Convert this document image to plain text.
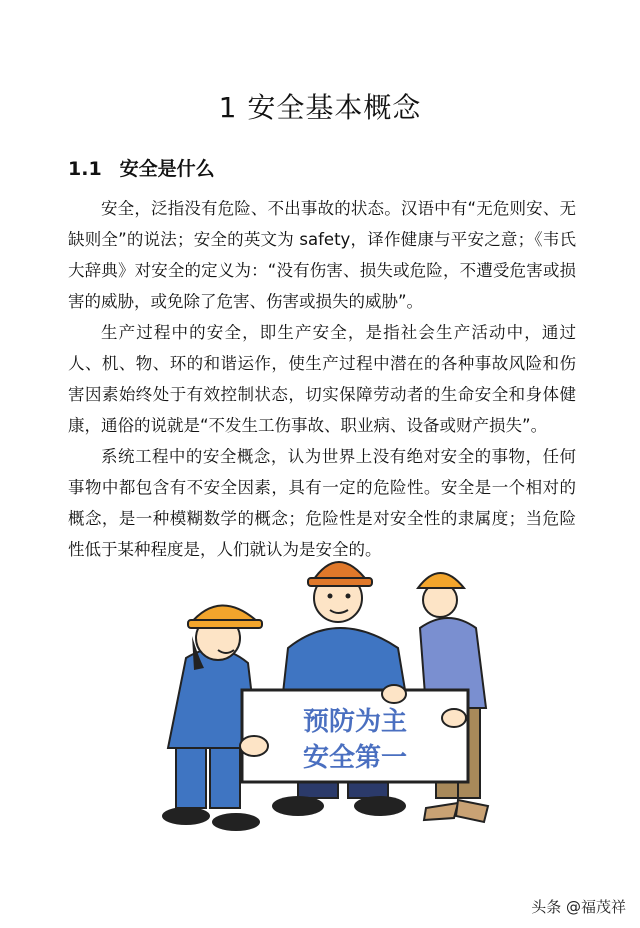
1 安全基本概念
1.1 安全是什么

安全，泛指没有危险、不出事故的状态。汉语中有“无危则安、无缺则全”的说法；安全的英文为 safety，译作健康与平安之意；《韦氏大辞典》对安全的定义为：“没有伤害、损失或危险，不遭受危害或损害的威胁，或免除了危害、伤害或损失的威胁”。

生产过程中的安全，即生产安全，是指社会生产活动中，通过人、机、物、环的和谐运作，使生产过程中潜在的各种事故风险和伤害因素始终处于有效控制状态，切实保障劳动者的生命安全和身体健康，通俗的说就是“不发生工伤事故、职业病、设备或财产损失”。

系统工程中的安全概念，认为世界上没有绝对安全的事物，任何事物中都包含有不安全因素，具有一定的危险性。安全是一个相对的概念，是一种模糊数学的概念；危险性是对安全性的隶属度；当危险性低于某种程度是，人们就认为是安全的。

预防为主
安全第一
头条 @福茂祥
